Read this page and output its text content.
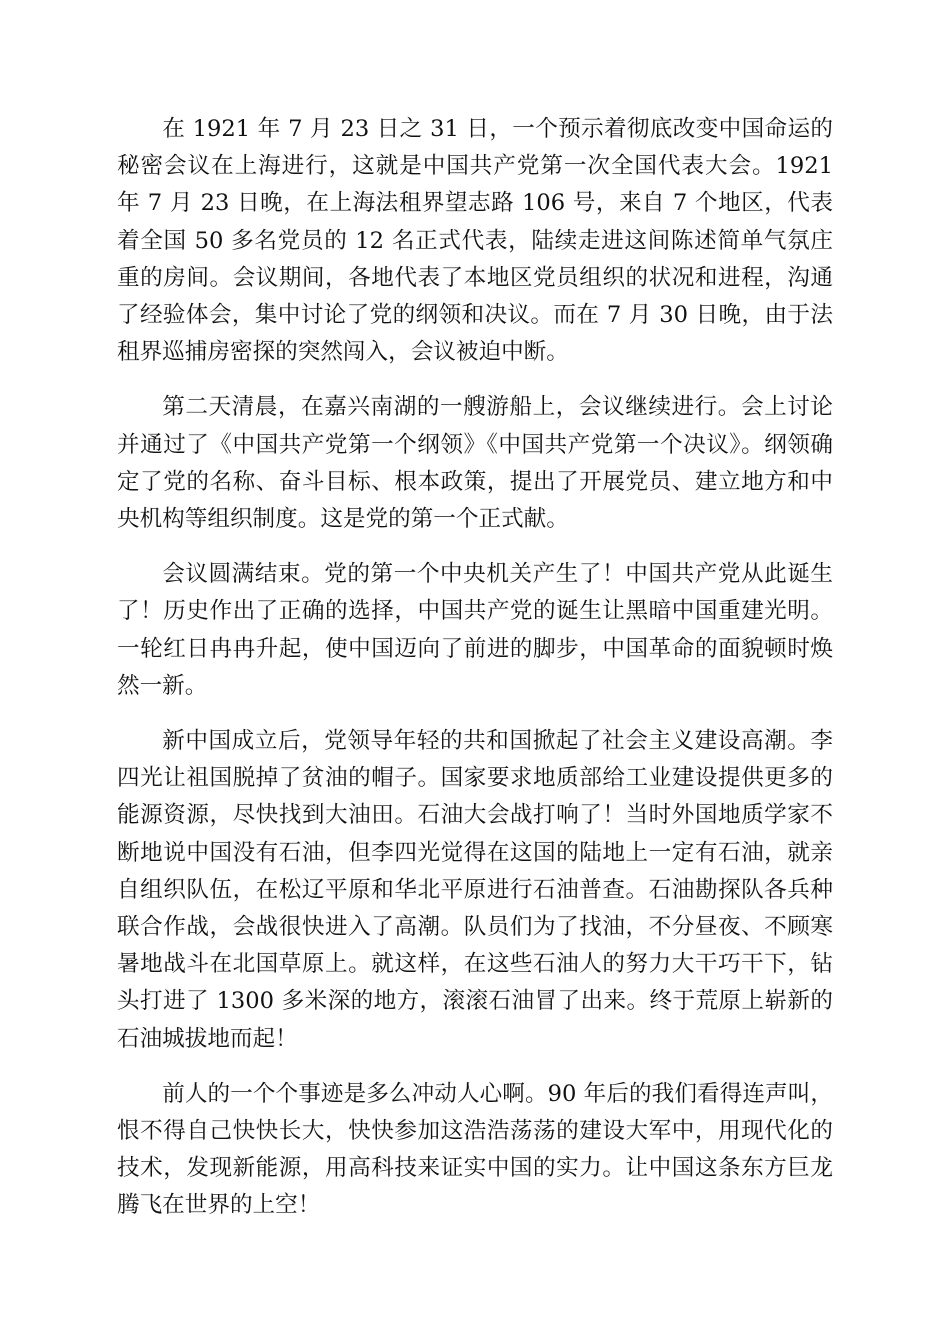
在 1921 年 7 月 23 日之 31 日，一个预示着彻底改变中国命运的秘密会议在上海进行，这就是中国共产党第一次全国代表大会。1921 年 7 月 23 日晚，在上海法租界望志路 106 号，来自 7 个地区，代表着全国 50 多名党员的 12 名正式代表，陆续走进这间陈述简单气氛庄重的房间。会议期间，各地代表了本地区党员组织的状况和进程，沟通了经验体会，集中讨论了党的纲领和决议。而在 7 月 30 日晚，由于法租界巡捕房密探的突然闯入，会议被迫中断。

第二天清晨，在嘉兴南湖的一艘游船上，会议继续进行。会上讨论并通过了《中国共产党第一个纲领》《中国共产党第一个决议》。纲领确定了党的名称、奋斗目标、根本政策，提出了开展党员、建立地方和中央机构等组织制度。这是党的第一个正式献。

会议圆满结束。党的第一个中央机关产生了！中国共产党从此诞生了！历史作出了正确的选择，中国共产党的诞生让黑暗中国重建光明。一轮红日冉冉升起，使中国迈向了前进的脚步，中国革命的面貌顿时焕然一新。

新中国成立后，党领导年轻的共和国掀起了社会主义建设高潮。李四光让祖国脱掉了贫油的帽子。国家要求地质部给工业建设提供更多的能源资源，尽快找到大油田。石油大会战打响了！当时外国地质学家不断地说中国没有石油，但李四光觉得在这国的陆地上一定有石油，就亲自组织队伍，在松辽平原和华北平原进行石油普查。石油勘探队各兵种联合作战，会战很快进入了高潮。队员们为了找油，不分昼夜、不顾寒暑地战斗在北国草原上。就这样，在这些石油人的努力大干巧干下，钻头打进了 1300 多米深的地方，滚滚石油冒了出来。终于荒原上崭新的石油城拔地而起！

前人的一个个事迹是多么冲动人心啊。90 年后的我们看得连声叫，恨不得自己快快长大，快快参加这浩浩荡荡的建设大军中，用现代化的技术，发现新能源，用高科技来证实中国的实力。让中国这条东方巨龙腾飞在世界的上空！
